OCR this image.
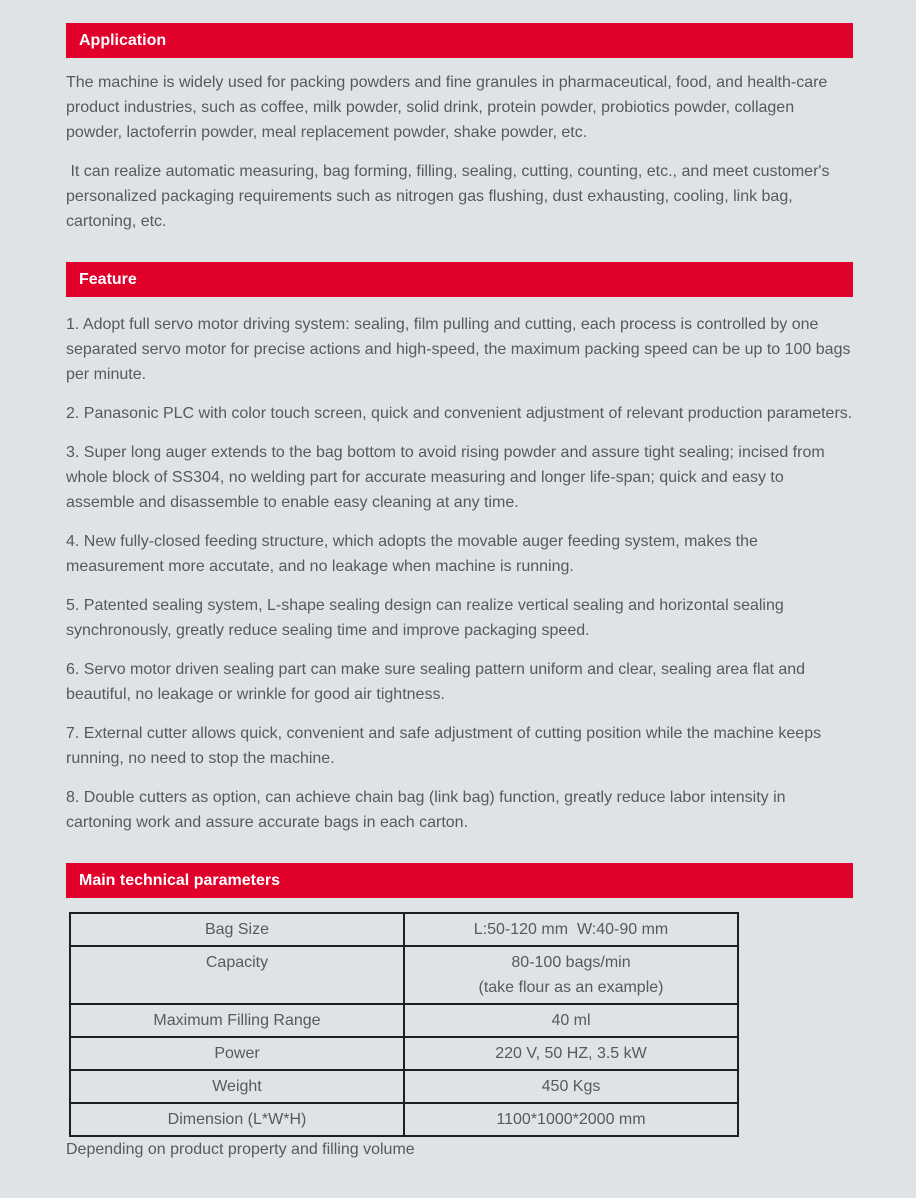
Application

The machine is widely used for packing powders and fine granules in pharmaceutical, food, and health-care product industries, such as coffee, milk powder, solid drink, protein powder, probiotics powder, collagen powder, lactoferrin powder, meal replacement powder, shake powder, etc.

It can realize automatic measuring, bag forming, filling, sealing, cutting, counting, etc., and meet customer's personalized packaging requirements such as nitrogen gas flushing, dust exhausting, cooling, link bag, cartoning, etc.

Feature

1. Adopt full servo motor driving system: sealing, film pulling and cutting, each process is controlled by one separated servo motor for precise actions and high-speed, the maximum packing speed can be up to 100 bags per minute.

2. Panasonic PLC with color touch screen, quick and convenient adjustment of relevant production parameters.

3. Super long auger extends to the bag bottom to avoid rising powder and assure tight sealing; incised from whole block of SS304, no welding part for accurate measuring and longer life-span; quick and easy to assemble and disassemble to enable easy cleaning at any time.

4. New fully-closed feeding structure, which adopts the movable auger feeding system, makes the measurement more accutate, and no leakage when machine is running.

5. Patented sealing system, L-shape sealing design can realize vertical sealing and horizontal sealing synchronously, greatly reduce sealing time and improve packaging speed.

6. Servo motor driven sealing part can make sure sealing pattern uniform and clear, sealing area flat and beautiful, no leakage or wrinkle for good air tightness.

7. External cutter allows quick, convenient and safe adjustment of cutting position while the machine keeps running, no need to stop the machine.

8. Double cutters as option, can achieve chain bag (link bag) function, greatly reduce labor intensity in cartoning work and assure accurate bags in each carton.

Main technical parameters
Bag Size	L:50-120 mm  W:40-90 mm
Capacity	80-100 bags/min
(take flour as an example)

Maximum Filling Range	40 ml
Power	220 V, 50 HZ, 3.5 kW
Weight	450 Kgs
Dimension (L*W*H)	1100*1000*2000 mm

Depending on product property and filling volume
